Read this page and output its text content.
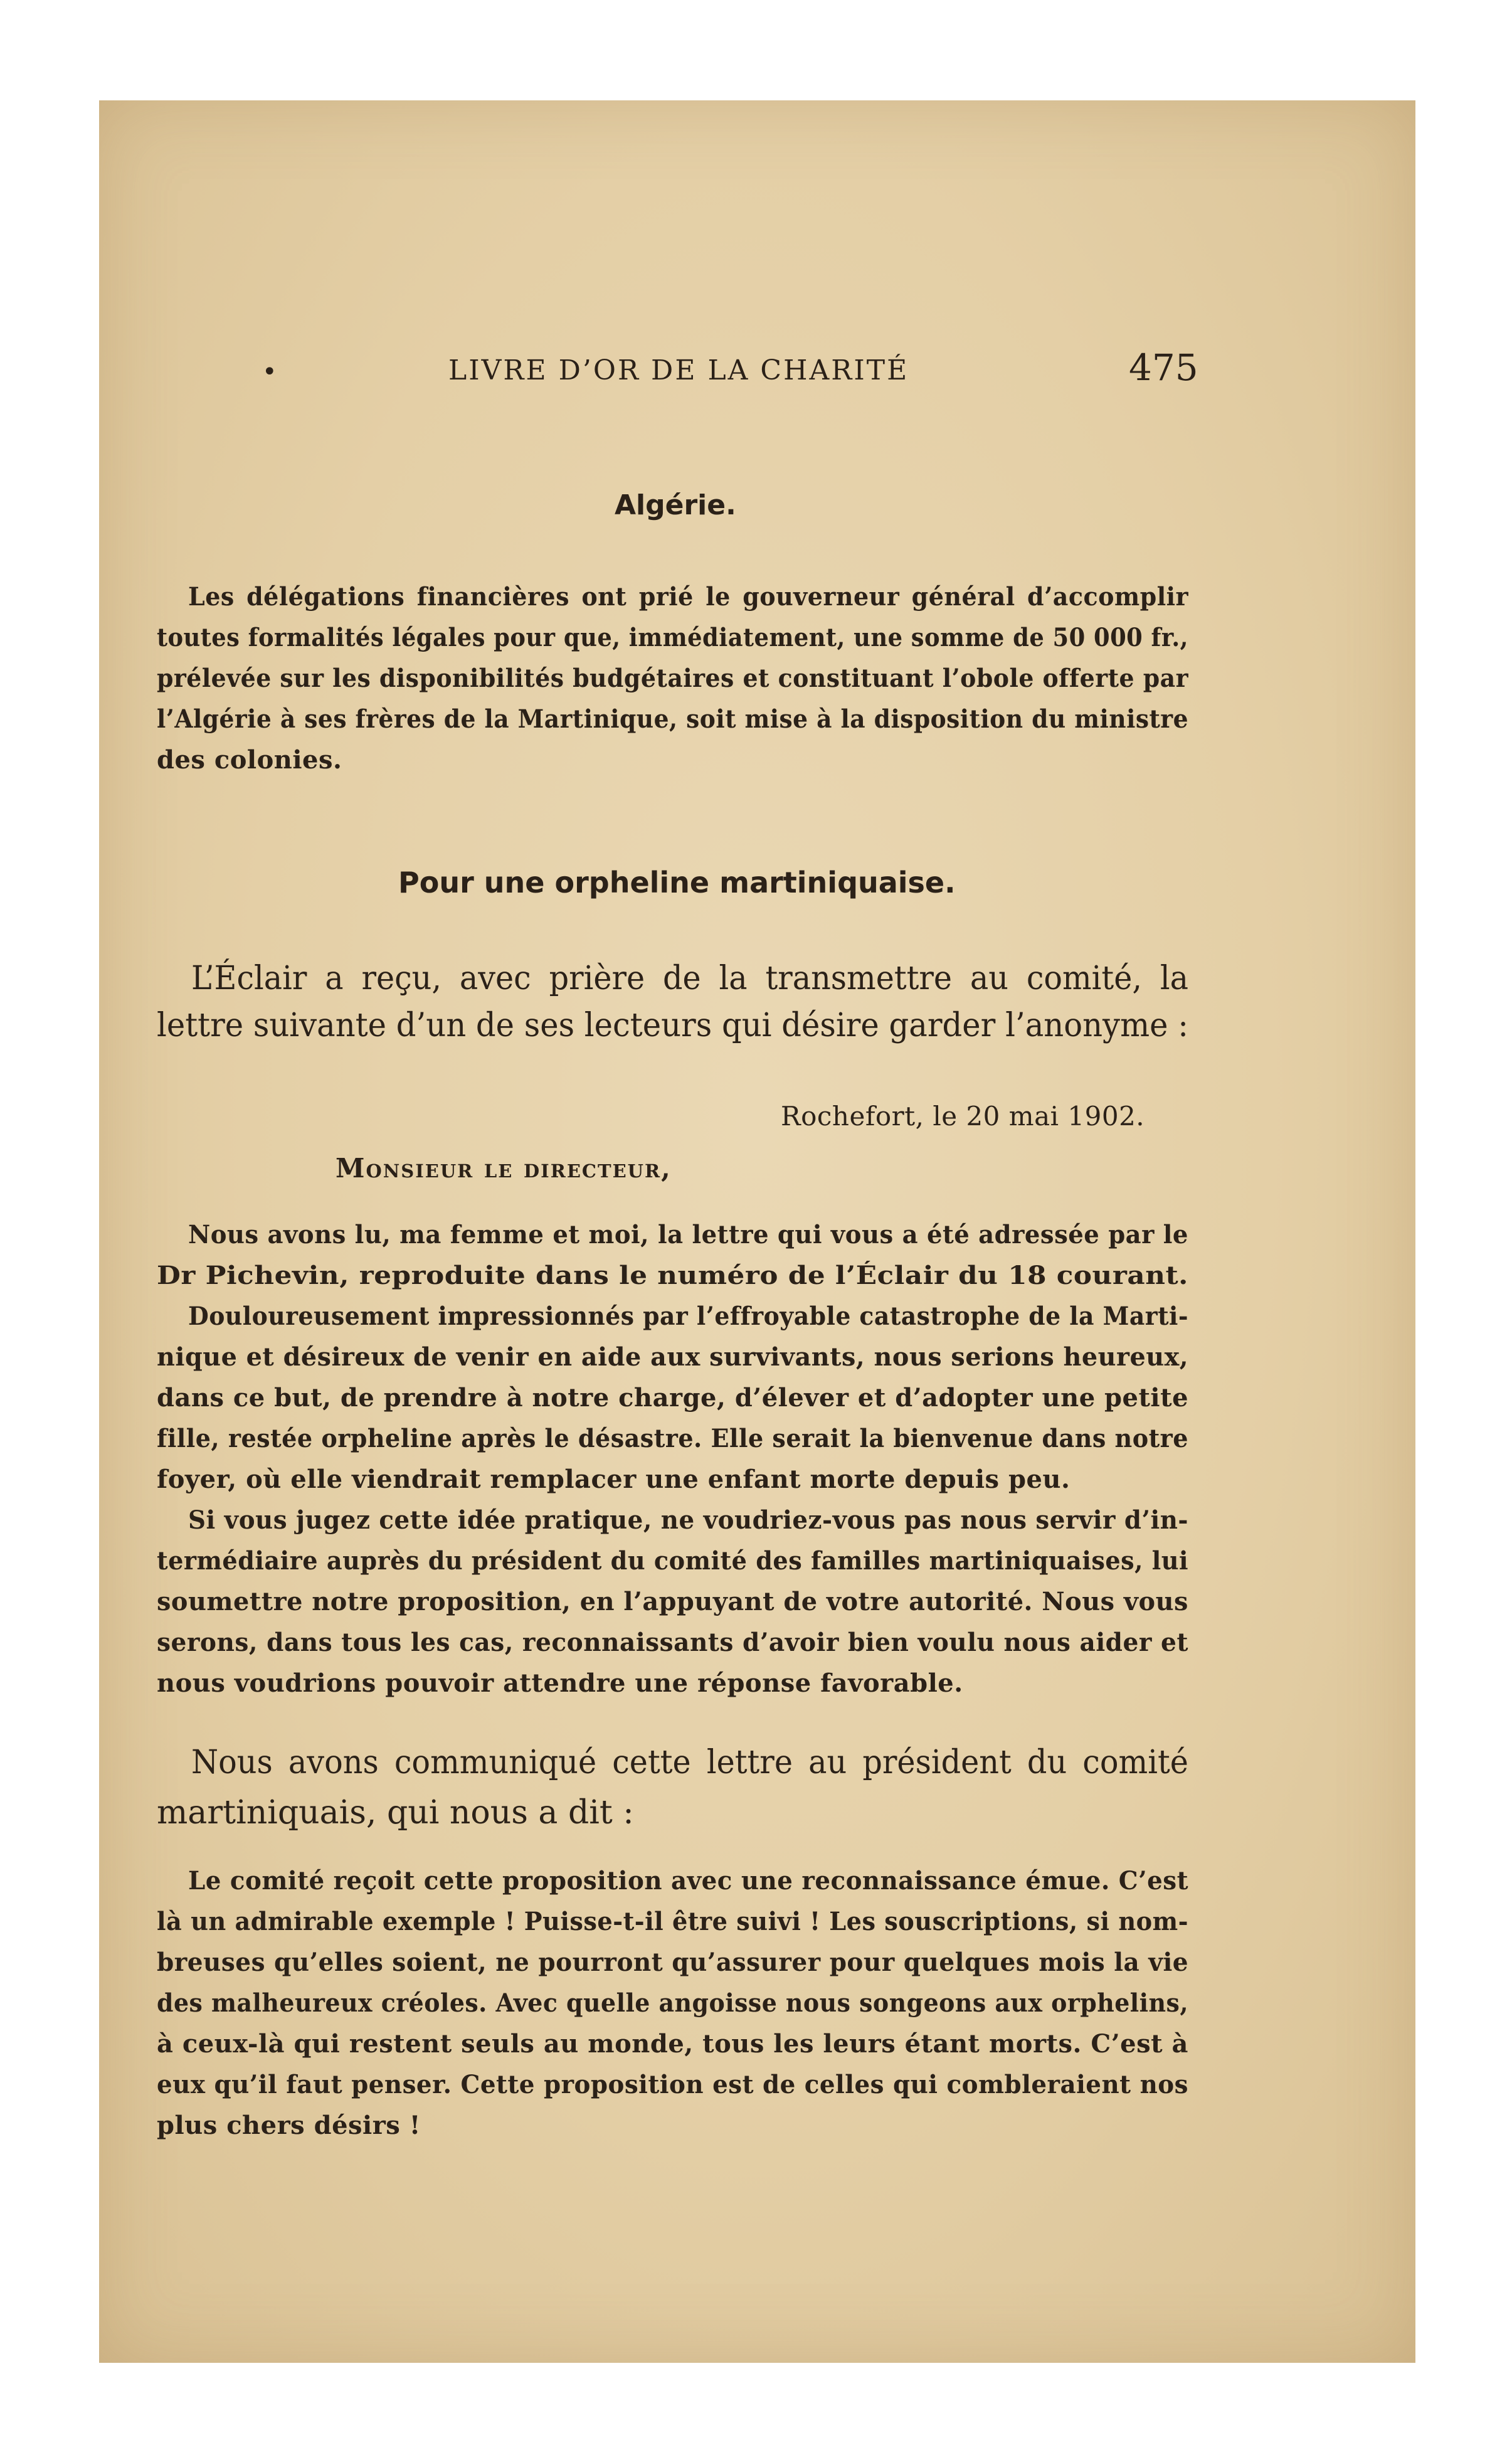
•	LIVRE D’OR DE LA CHARITÉ	475
Algérie.
Les délégations financières ont prié le gouverneur général d’accomplir
toutes formalités légales pour que, immédiatement, une somme de 50 000 fr.,
prélevée sur les disponibilités budgétaires et constituant l’obole offerte par
l’Algérie à ses frères de la Martinique, soit mise à la disposition du ministre
des colonies.
Pour une orpheline martiniquaise.
L’Éclair a reçu, avec prière de la transmettre au comité, la
lettre suivante d’un de ses lecteurs qui désire garder l’anonyme :
Rochefort, le 20 mai 1902.
Monsieur le directeur,
Nous avons lu, ma femme et moi, la lettre qui vous a été adressée par le
Dr Pichevin, reproduite dans le numéro de l’Éclair du 18 courant.
Douloureusement impressionnés par l’effroyable catastrophe de la Marti-
nique et désireux de venir en aide aux survivants, nous serions heureux,
dans ce but, de prendre à notre charge, d’élever et d’adopter une petite
fille, restée orpheline après le désastre. Elle serait la bienvenue dans notre
foyer, où elle viendrait remplacer une enfant morte depuis peu.
Si vous jugez cette idée pratique, ne voudriez-vous pas nous servir d’in-
termédiaire auprès du président du comité des familles martiniquaises, lui
soumettre notre proposition, en l’appuyant de votre autorité. Nous vous
serons, dans tous les cas, reconnaissants d’avoir bien voulu nous aider et
nous voudrions pouvoir attendre une réponse favorable.
Nous avons communiqué cette lettre au président du comité
martiniquais, qui nous a dit :
Le comité reçoit cette proposition avec une reconnaissance émue. C’est
là un admirable exemple ! Puisse-t-il être suivi ! Les souscriptions, si nom-
breuses qu’elles soient, ne pourront qu’assurer pour quelques mois la vie
des malheureux créoles. Avec quelle angoisse nous songeons aux orphelins,
à ceux-là qui restent seuls au monde, tous les leurs étant morts. C’est à
eux qu’il faut penser. Cette proposition est de celles qui combleraient nos
plus chers désirs !
